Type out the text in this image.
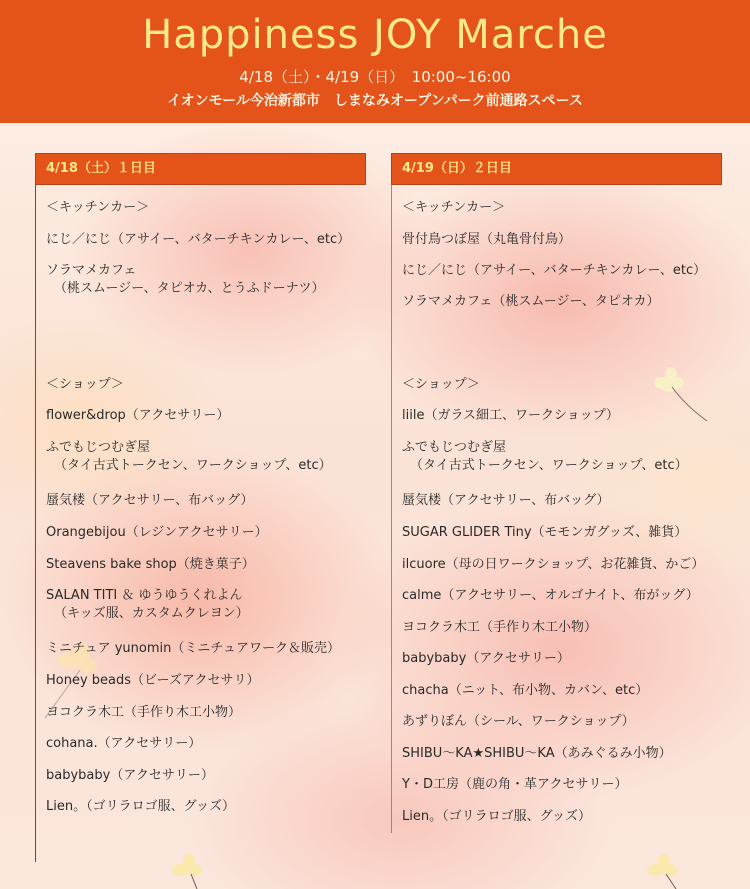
Happiness JOY Marche
4/18（土）・4/19（日）　10:00~16:00
イオンモール今治新都市　しまなみオープンパーク前通路スペース
4/18（土）１日目
＜キッチンカー＞
にじ／にじ（アサイー、バターチキンカレー、etc）
ソラマメカフェ
（桃スムージー、タピオカ、とうふドーナツ）
＜ショップ＞
flower&drop（アクセサリー）
ふでもじつむぎ屋
（タイ古式トークセン、ワークショップ、etc）
蜃気楼（アクセサリー、布バッグ）
Orangebijou（レジンアクセサリー）
Steavens bake shop（焼き菓子）
SALAN TITI ＆ ゆうゆうくれよん
（キッズ服、カスタムクレヨン）
ミニチュア yunomin（ミニチュアワーク＆販売）
Honey beads（ビーズアクセサリ）
ヨコクラ木工（手作り木工小物）
cohana.（アクセサリー）
babybaby（アクセサリー）
Lien。（ゴリラロゴ服、グッズ）
4/19（日）２日目
＜キッチンカー＞
骨付鳥つぼ屋（丸亀骨付鳥）
にじ／にじ（アサイー、バターチキンカレー、etc）
ソラマメカフェ（桃スムージー、タピオカ）
＜ショップ＞
liile（ガラス細工、ワークショップ）
ふでもじつむぎ屋
（タイ古式トークセン、ワークショップ、etc）
蜃気楼（アクセサリー、布バッグ）
SUGAR GLIDER Tiny（モモンガグッズ、雑貨）
ilcuore（母の日ワークショップ、お花雑貨、かご）
calme（アクセサリー、オルゴナイト、布がッグ）
ヨコクラ木工（手作り木工小物）
babybaby（アクセサリー）
chacha（ニット、布小物、カバン、etc）
あずりぼん（シール、ワークショップ）
SHIBU～KA★SHIBU～KA（あみぐるみ小物）
Y・D工房（鹿の角・革アクセサリー）
Lien。（ゴリラロゴ服、グッズ）
